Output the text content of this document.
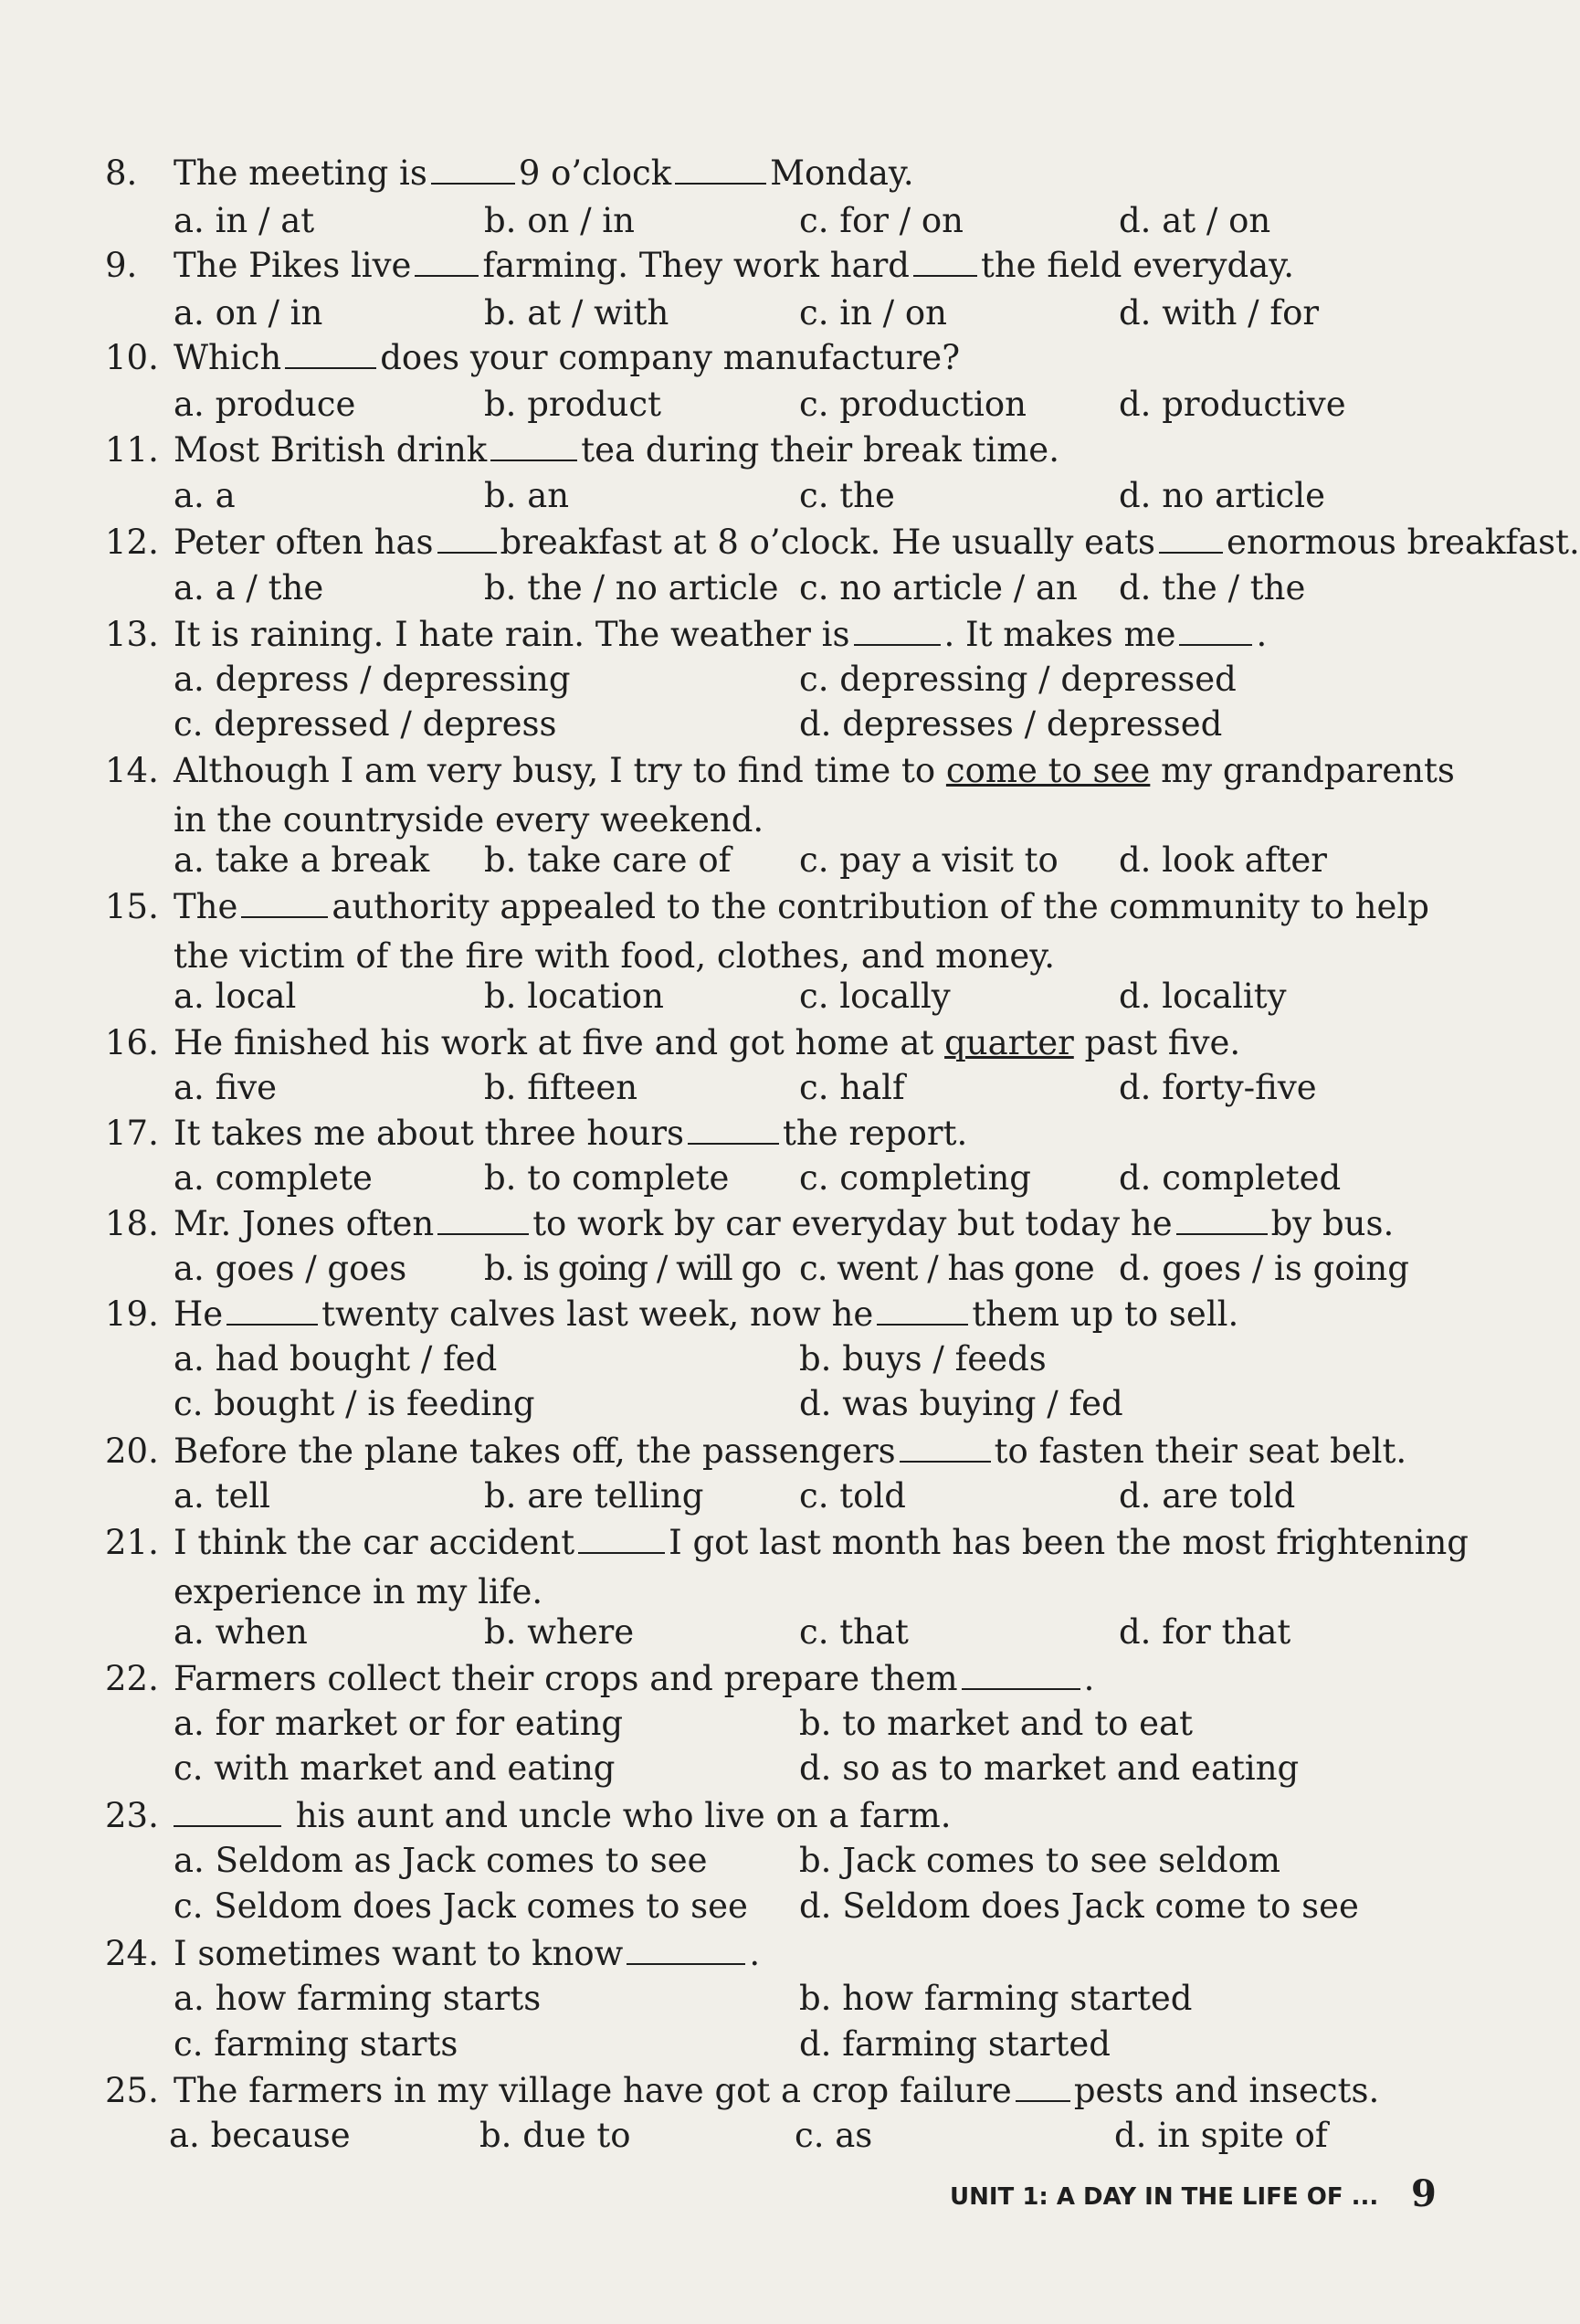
8. The meeting is	9 o’clock	Monday.
a. in / at	b. on / in	c. for / on	d. at / on
9. The Pikes live farming. They work hard the field everyday.
a. on / in	b. at / with	c. in / on	d. with / for
10. Which	does your company manufacture?
a. produce	b. product	c. production	d. productive
11. Most British drink	tea during their break time.
a. a	b. an	c. the	d. no article
12. Peter often has breakfast at 8 o’clock. He usually eats enormous breakfast.
a. a / the	b. the / no article c. no article / an d. the / the
13. It is raining. I hate rain. The weather is	. It makes me .
a. depress / depressing	c. depressing / depressed
c. depressed / depress	d. depresses / depressed
14. Although I am very busy, I try to find time to come to see my grandparents
in the countryside every weekend.
a. take a break b. take care of c. pay a visit to d. look after
15. The	authority appealed to the contribution of the community to help
the victim of the fire with food, clothes, and money.
a. local	b. location	c. locally	d. locality
16. He finished his work at five and got home at quarter past five.
a. five	b. fifteen	c. half	d. forty-five
17. It takes me about three hours	the report.
a. complete	b. to complete c. completing	d. completed
18. Mr. Jones often	to work by car everyday but today he	by bus.
a. goes / goes b. is going / will go c. went / has gone d. goes / is going
19. He	twenty calves last week, now he	them up to sell.
a. had bought / fed	b. buys / feeds
c. bought / is feeding	d. was buying / fed
20. Before the plane takes off, the passengers	to fasten their seat belt.
a. tell	b. are telling	c. told	d. are told
21. I think the car accident	I got last month has been the most frightening
experience in my life.
a. when	b. where	c. that	d. for that
22. Farmers collect their crops and prepare them	.
a. for market or for eating	b. to market and to eat
c. with market and eating	d. so as to market and eating
23.	his aunt and uncle who live on a farm.
a. Seldom as Jack comes to see	b. Jack comes to see seldom
c. Seldom does Jack comes to see d. Seldom does Jack come to see
24. I sometimes want to know	.
a. how farming starts	b. how farming started
c. farming starts	d. farming started
25. The farmers in my village have got a crop failure pests and insects.
a. because	b. due to	c. as	d. in spite of
UNIT 1: A DAY IN THE LIFE OF ... 9
